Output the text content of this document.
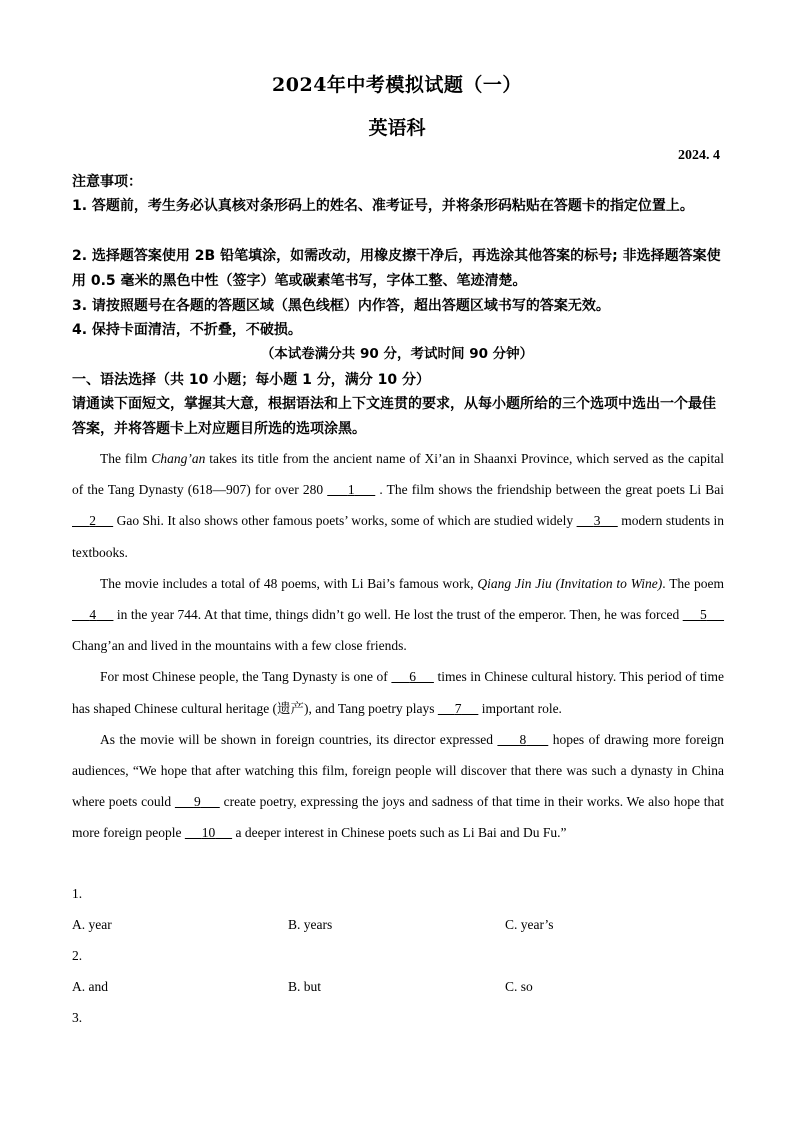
2024年中考模拟试题（一）
英语科
2024. 4
注意事项：
1. 答题前，考生务必认真核对条形码上的姓名、准考证号，并将条形码粘贴在答题卡的指定位置上。
2. 选择题答案使用 2B 铅笔填涂，如需改动，用橡皮擦干净后，再选涂其他答案的标号; 非选择题答案使用 0.5 毫米的黑色中性（签字）笔或碳素笔书写，字体工整、笔迹清楚。
3. 请按照题号在各题的答题区域（黑色线框）内作答，超出答题区域书写的答案无效。
4. 保持卡面清洁，不折叠，不破损。
（本试卷满分共 90 分，考试时间 90 分钟）
一、语法选择（共 10 小题；每小题 1 分，满分 10 分）
请通读下面短文，掌握其大意，根据语法和上下文连贯的要求，从每小题所给的三个选项中选出一个最佳答案，并将答题卡上对应题目所选的选项涂黑。

The film Chang’an takes its title from the ancient name of Xi’an in Shaanxi Province, which served as the capital of the Tang Dynasty (618—907) for over 280      1      . The film shows the friendship between the great poets Li Bai      2      Gao Shi. It also shows other famous poets’ works, some of which are studied widely      3      modern students in textbooks.

The movie includes a total of 48 poems, with Li Bai’s famous work, Qiang Jin Jiu (Invitation to Wine). The poem      4      in the year 744. At that time, things didn’t go well. He lost the trust of the emperor. Then, he was forced      5      Chang’an and lived in the mountains with a few close friends.

For most Chinese people, the Tang Dynasty is one of      6      times in Chinese cultural history. This period of time has shaped Chinese cultural heritage (遗产), and Tang poetry plays      7      important role.

As the movie will be shown in foreign countries, its director expressed      8      hopes of drawing more foreign audiences, “We hope that after watching this film, foreign people will discover that there was such a dynasty in China where poets could      9      create poetry, expressing the joys and sadness of that time in their works. We also hope that more foreign people      10      a deeper interest in Chinese poets such as Li Bai and Du Fu.”

1.
A. year	B. years	C. year’s
2.
A. and	B. but	C. so
3.
